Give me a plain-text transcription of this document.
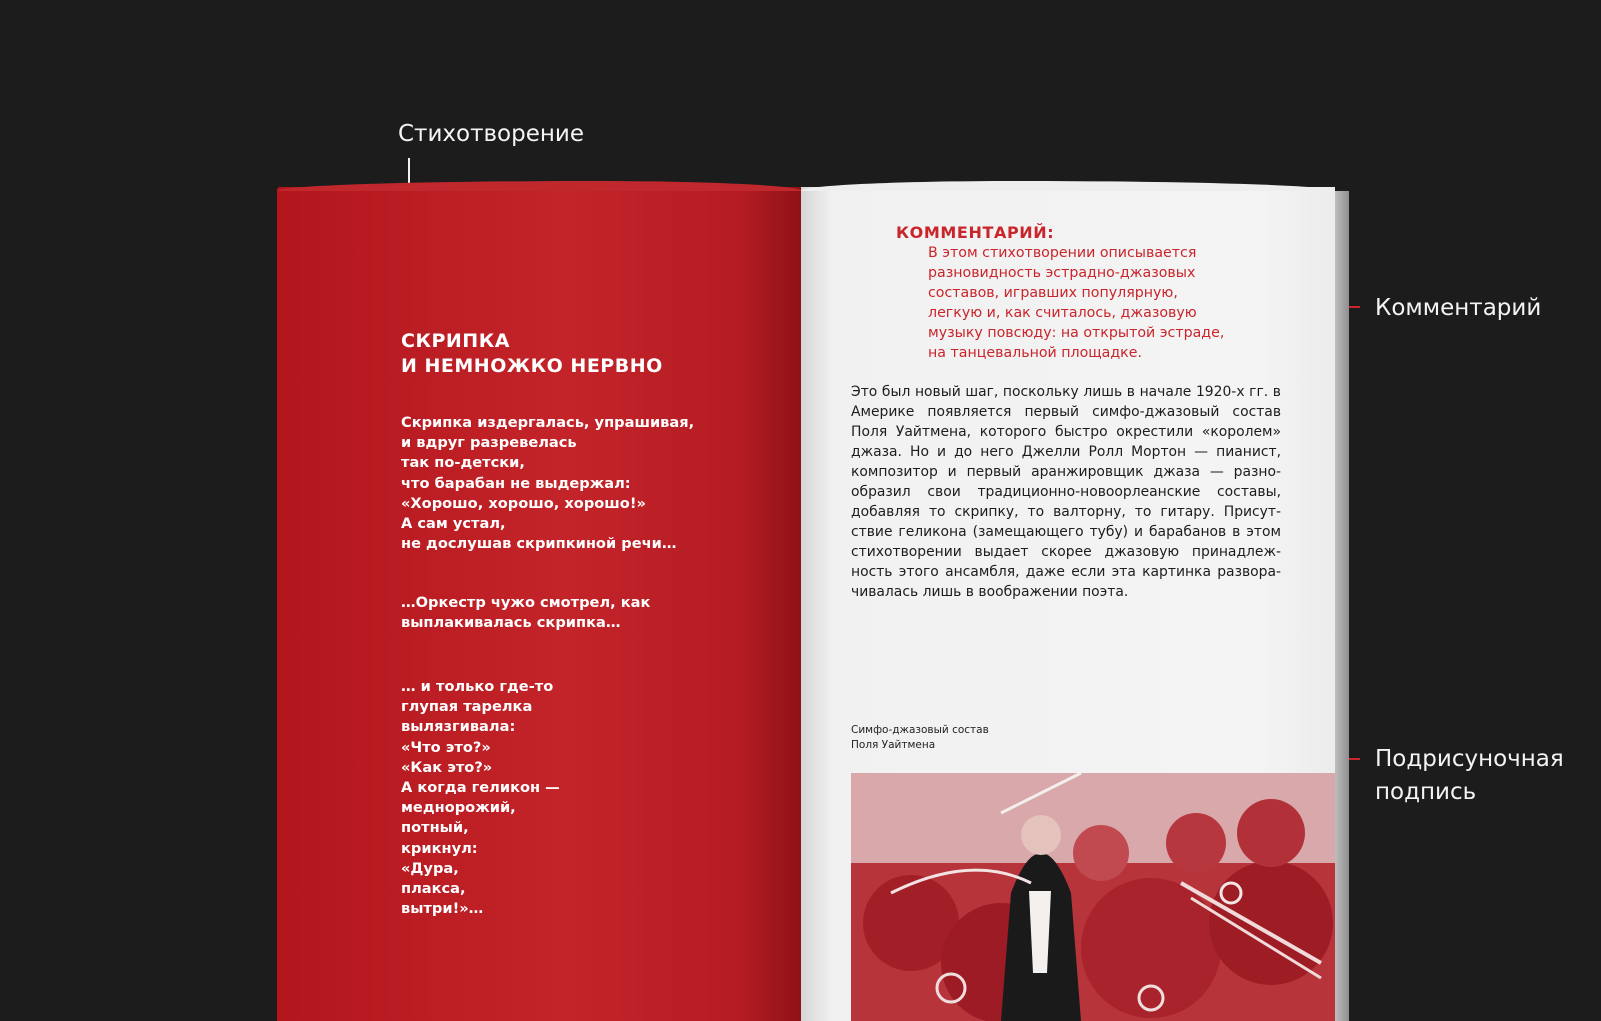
Стихотворение
Комментарий
Подрисуночная
подпись

СКРИПКА
И НЕМНОЖКО НЕРВНО

Скрипка издергалась, упрашивая,
и вдруг разревелась
так по-детски,
что барабан не выдержал:
«Хорошо, хорошо, хорошо!»
А сам устал,
не дослушав скрипкиной речи…

…Оркестр чужо смотрел, как
выплакивалась скрипка…

… и только где-то
глупая тарелка
вылязгивала:
«Что это?»
«Как это?»
А когда геликон —
меднорожий,
потный,
крикнул:
«Дура,
плакса,
вытри!»…

КОММЕНТАРИЙ:

В этом стихотворении описывается
разновидность эстрадно-джазовых
составов, игравших популярную,
легкую и, как считалось, джазовую
музыку повсюду: на открытой эстраде,
на танцевальной площадке.

Это был новый шаг, поскольку лишь в начале 1920-х гг. в Америке появляется первый симфо-джазовый состав Поля Уайтмена, которого быстро окрестили «королем» джаза. Но и до него Джелли Ролл Мортон — пианист, композитор и первый аранжировщик джаза — разно-образил свои традиционно-новоорлеанские составы, добавляя то скрипку, то валторну, то гитару. Присут-ствие геликона (замещающего тубу) и барабанов в этом стихотворении выдает скорее джазовую принадлеж-ность этого ансамбля, даже если эта картинка развора-чивалась лишь в воображении поэта.

Симфо-джазовый состав
Поля Уайтмена
